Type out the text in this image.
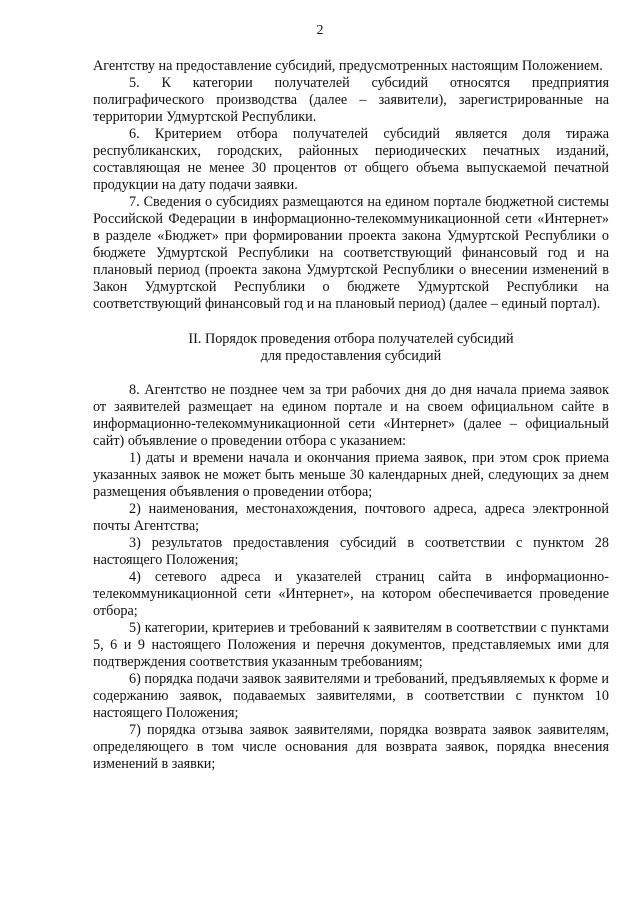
2

Агентству на предоставление субсидий, предусмотренных настоящим Положением.

5. К категории получателей субсидий относятся предприятия полиграфического производства (далее – заявители), зарегистрированные на территории Удмуртской Республики.

6. Критерием отбора получателей субсидий является доля тиража республиканских, городских, районных периодических печатных изданий, составляющая не менее 30 процентов от общего объема выпускаемой печатной продукции на дату подачи заявки.

7. Сведения о субсидиях размещаются на едином портале бюджетной системы Российской Федерации в информационно-телекоммуникационной сети «Интернет» в разделе «Бюджет» при формировании проекта закона Удмуртской Республики о бюджете Удмуртской Республики на соответствующий финансовый год и на плановый период (проекта закона Удмуртской Республики о внесении изменений в Закон Удмуртской Республики о бюджете Удмуртской Республики на соответствующий финансовый год и на плановый период) (далее – единый портал).

II. Порядок проведения отбора получателей субсидий
для предоставления субсидий

8. Агентство не позднее чем за три рабочих дня до дня начала приема заявок от заявителей размещает на едином портале и на своем официальном сайте в информационно-телекоммуникационной сети «Интернет» (далее – официальный сайт) объявление о проведении отбора с указанием:

1) даты и времени начала и окончания приема заявок, при этом срок приема указанных заявок не может быть меньше 30 календарных дней, следующих за днем размещения объявления о проведении отбора;

2) наименования, местонахождения, почтового адреса, адреса электронной почты Агентства;

3) результатов предоставления субсидий в соответствии с пунктом 28 настоящего Положения;

4) сетевого адреса и указателей страниц сайта в информационно-телекоммуникационной сети «Интернет», на котором обеспечивается проведение отбора;

5) категории, критериев и требований к заявителям в соответствии с пунктами 5, 6 и 9 настоящего Положения и перечня документов, представляемых ими для подтверждения соответствия указанным требованиям;

6) порядка подачи заявок заявителями и требований, предъявляемых к форме и содержанию заявок, подаваемых заявителями, в соответствии с пунктом 10 настоящего Положения;

7) порядка отзыва заявок заявителями, порядка возврата заявок заявителям, определяющего в том числе основания для возврата заявок, порядка внесения изменений в заявки;
